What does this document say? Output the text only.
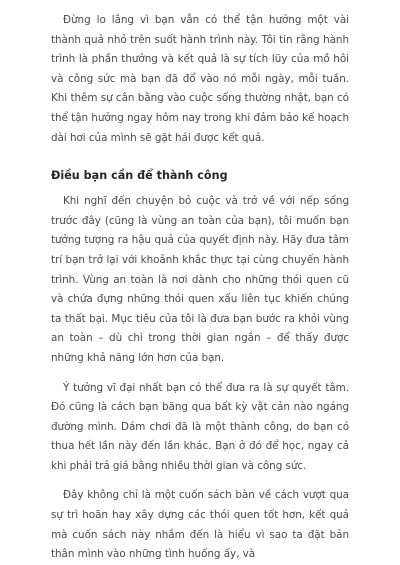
Đừng lo lắng vì bạn vẫn có thể tận hưởng một vài thành quả nhỏ trên suốt hành trình này. Tôi tin rằng hành trình là phần thưởng và kết quả là sự tích lũy của mồ hôi và công sức mà bạn đã đổ vào nó mỗi ngày, mỗi tuần. Khi thêm sự cân bằng vào cuộc sống thường nhật, bạn có thể tận hưởng ngay hôm nay trong khi đảm bảo kế hoạch dài hơi của mình sẽ gặt hái được kết quả.

Điều bạn cần để thành công

Khi nghĩ đến chuyện bỏ cuộc và trở về với nếp sống trước đây (cũng là vùng an toàn của bạn), tôi muốn bạn tưởng tượng ra hậu quả của quyết định này. Hãy đưa tâm trí bạn trở lại với khoảnh khắc thực tại cùng chuyến hành trình. Vùng an toàn là nơi dành cho những thói quen cũ và chứa đựng những thói quen xấu liên tục khiến chúng ta thất bại. Mục tiêu của tôi là đưa bạn bước ra khỏi vùng an toàn – dù chỉ trong thời gian ngắn – để thấy được những khả năng lớn hơn của bạn.

Ý tưởng vĩ đại nhất bạn có thể đưa ra là sự quyết tâm. Đó cũng là cách bạn băng qua bất kỳ vật cản nào ngáng đường mình. Dám chơi đã là một thành công, do bạn có thua hết lần này đến lần khác. Bạn ở đó để học, ngay cả khi phải trả giá bằng nhiều thời gian và công sức.

Đây không chỉ là một cuốn sách bàn về cách vượt qua sự trì hoãn hay xây dựng các thói quen tốt hơn, kết quả mà cuốn sách này nhắm đến là hiểu vì sao ta đặt bản thân mình vào những tình huống ấy, và
